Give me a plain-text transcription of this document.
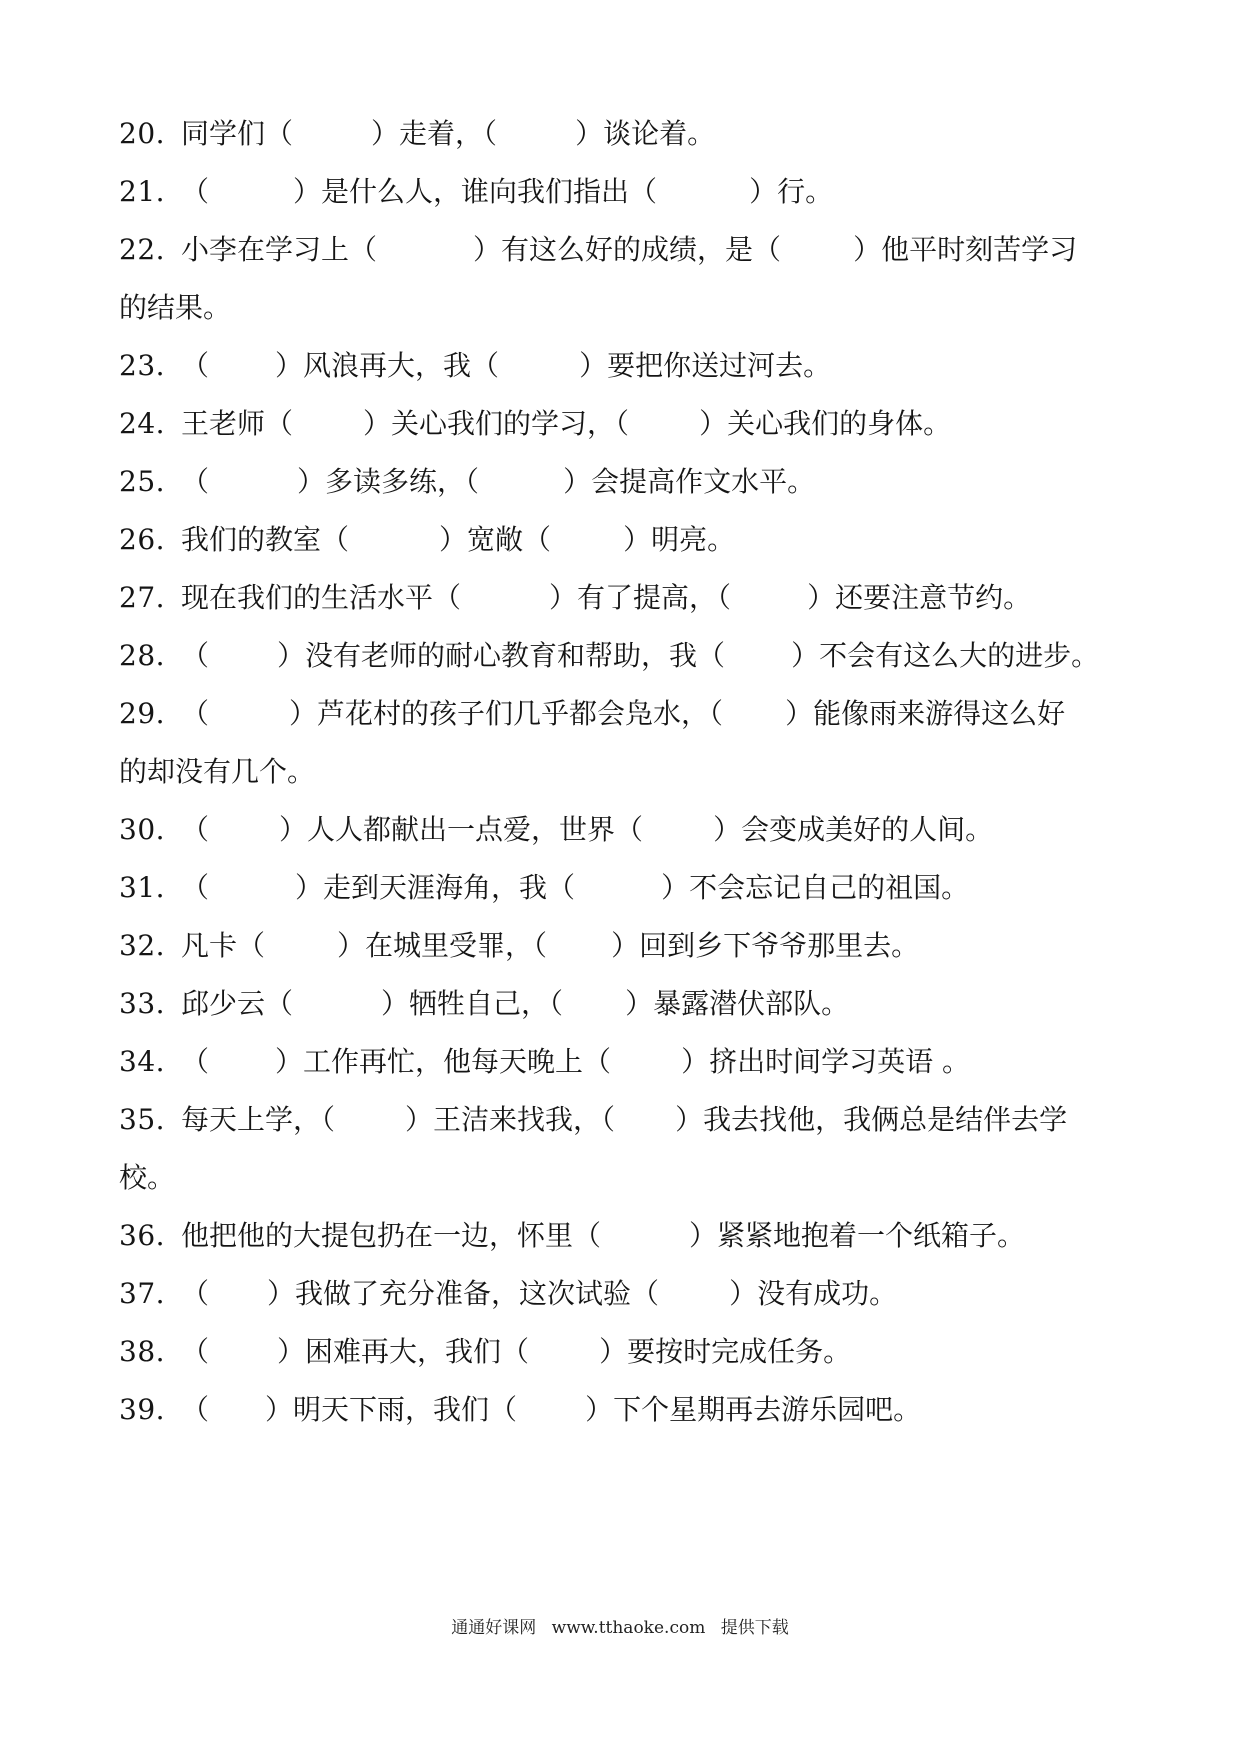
20. 同学们（	）走着，（	）谈论着。
21. （	）是什么人，谁向我们指出（	）行。
22. 小李在学习上（	）有这么好的成绩，是（	）他平时刻苦学习
的结果。
23. （ ）风浪再大，我（	）要把你送过河去。
24. 王老师（	）关心我们的学习，（	）关心我们的身体。
25. （	）多读多练，（	）会提高作文水平。
26. 我们的教室（	）宽敞（	）明亮。
27. 现在我们的生活水平（	）有了提高，（	）还要注意节约。
28. （ ）没有老师的耐心教育和帮助，我（ ）不会有这么大的进步。
29. （	）芦花村的孩子们几乎都会凫水，（ ）能像雨来游得这么好
的却没有几个。
30. （	）人人都献出一点爱，世界（	）会变成美好的人间。
31. （	）走到天涯海角，我（	）不会忘记自己的祖国。
32. 凡卡（	）在城里受罪，（ ）回到乡下爷爷那里去。
33. 邱少云（	）牺牲自己，（ ）暴露潜伏部队。
34. （ ）工作再忙，他每天晚上（	）挤出时间学习英语 。
35. 每天上学，（	）王洁来找我，（ ）我去找他，我俩总是结伴去学
校。
36. 他把他的大提包扔在一边，怀里（	）紧紧地抱着一个纸箱子。
37. （ ）我做了充分准备，这次试验（	）没有成功。
38. （ ）困难再大，我们（	）要按时完成任务。
39. （ ）明天下雨，我们（ ）下个星期再去游乐园吧。
通通好课网 www.tthaoke.com 提供下载
